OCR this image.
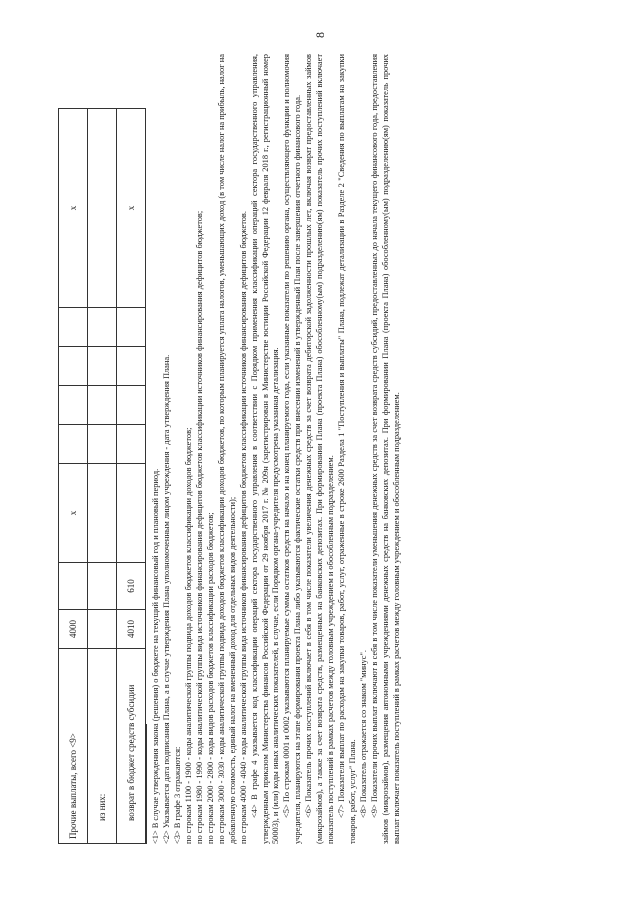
8
Прочие выплаты, всего <9>	4000		x					x
из них:								
возврат в бюджет средств субсидии	4010	610						x

<1> В случае утверждения закона (решения) о бюджете на текущий финансовый год и плановый период. <2> Указывается дата подписания Плана, а в случае утверждения Плана уполномоченным лицом учреждения - дата утверждения Плана. <3> В графе 3 отражаются: по строкам 1100 - 1900 - коды аналитической группы подвида доходов бюджетов классификации доходов бюджетов; по строкам 1980 - 1990 - коды аналитической группы вида источников финансирования дефицитов бюджетов классификации источников финансирования дефицитов бюджетов; по строкам 2000 - 2800 - коды видов расходов бюджетов классификации расходов бюджетов; по строкам 3000 - 3030 - коды аналитической группы подвида доходов бюджетов классификации доходов бюджетов, по которым планируется уплата налогов, уменьшающих доход (в том числе налог на прибыль, налог на добавленную стоимость, единый налог на вмененный доход для отдельных видов деятельности); по строкам 4000 - 4040 - коды аналитической группы вида источников финансирования дефицитов бюджетов классификации источников финансирования дефицитов бюджетов. <4> В графе 4 указывается код классификации операций сектора государственного управления в соответствии с Порядком применения классификации операций сектора государственного управления, утвержденным приказом Министерства финансов Российской Федерации от 29 ноября 2017 г. № 209н (зарегистрирован в Министерстве юстиции Российской Федерации 12 февраля 2018 г., регистрационный номер 50003), и (или) коды иных аналитических показателей, в случае, если Порядком органа-учредителя предусмотрена указанная детализация. <5> По строкам 0001 и 0002 указываются планируемые суммы остатков средств на начало и на конец планируемого года, если указанные показатели по решению органа, осуществляющего функции и полномочия учредителя, планируются на этапе формирования проекта Плана либо указываются фактические остатки средств при внесении изменений в утвержденный План после завершения отчетного финансового года. <6> Показатель прочих поступлений включает в себя в том числе показатели увеличения денежных средств за счет возврата дебиторской задолженности прошлых лет, включая возврат предоставленных займов (микрозаймов), а также за счет возврата средств, размещенных на банковских депозитах. При формировании Плана (проекта Плана) обособленному(ым) подразделению(ям) показатель прочих поступлений включает показатель поступлений в рамках расчетов между головным учреждением и обособленным подразделением. <7> Показатели выплат по расходам на закупки товаров, работ, услуг, отраженные в строке 2600 Раздела 1 "Поступления и выплаты" Плана, подлежат детализации в Разделе 2 "Сведения по выплатам на закупки товаров, работ, услуг" Плана. <8> Показатель отражается со знаком "минус". <9> Показатели прочих выплат включают в себя в том числе показатели уменьшения денежных средств за счет возврата средств субсидий, предоставленных до начала текущего финансового года, предоставления займов (микрозаймов), размещения автономными учреждениями денежных средств на банковских депозитах. При формировании Плана (проекта Плана) обособленному(ым) подразделению(ям) показатель прочих выплат включает показатель поступлений в рамках расчетов между головным учреждением и обособленным подразделением.
